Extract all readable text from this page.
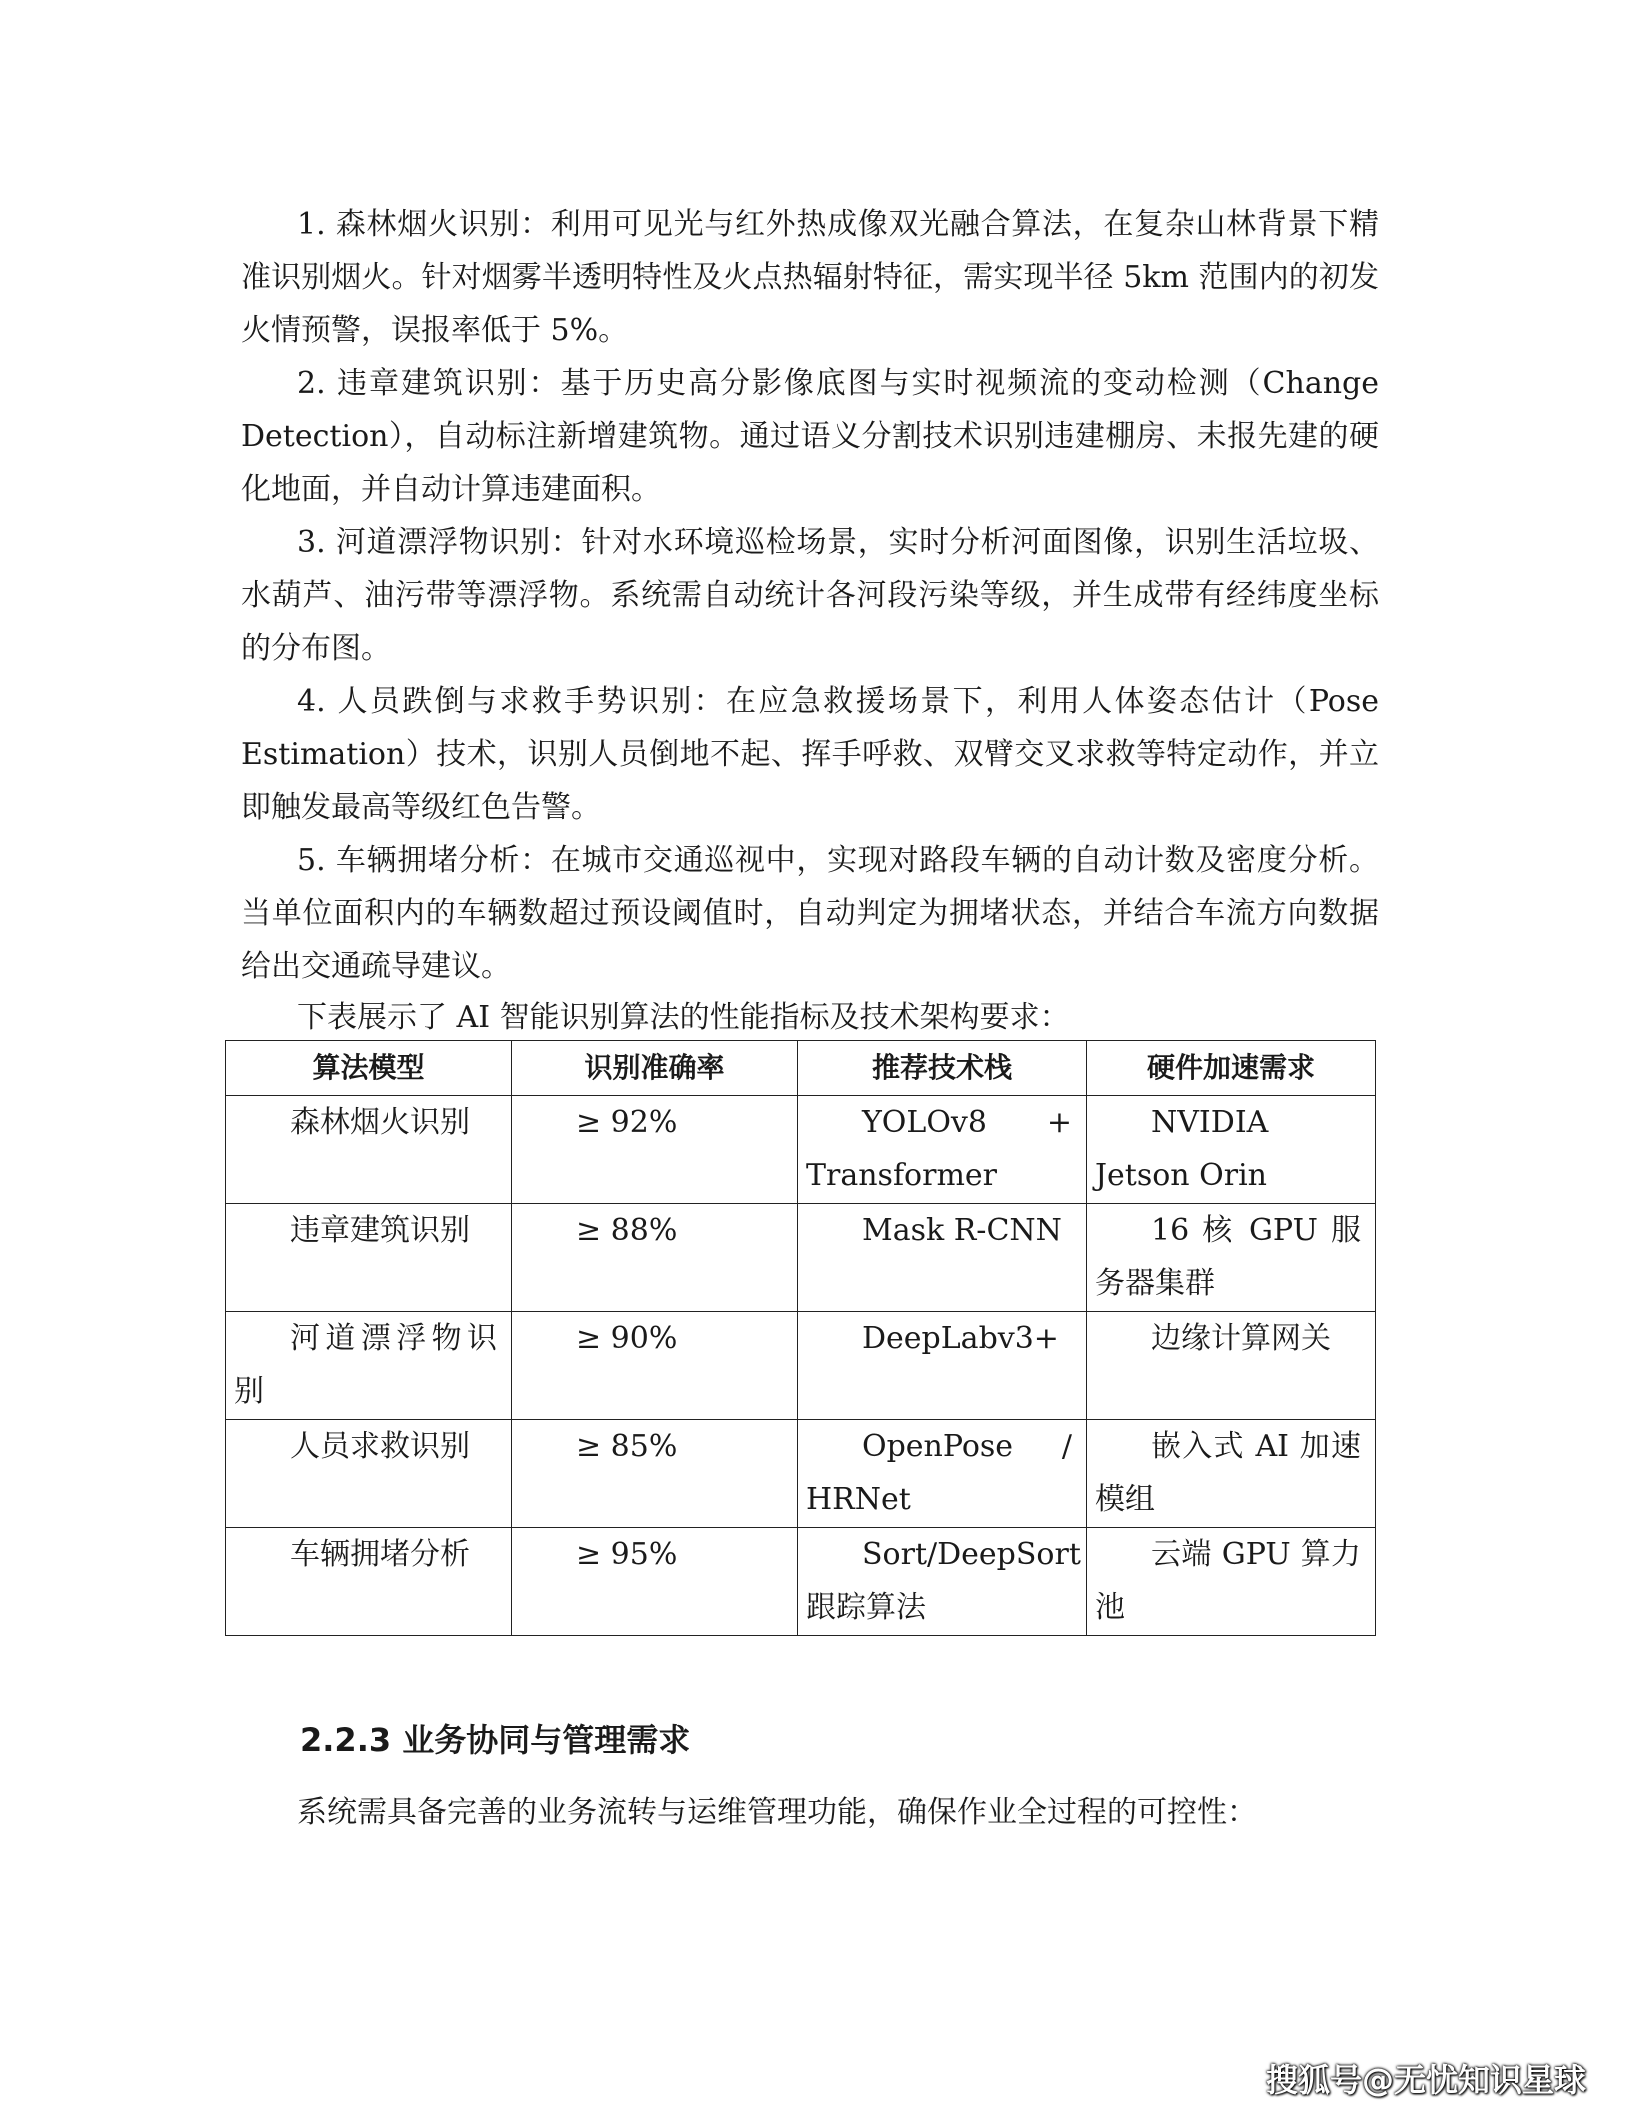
1. 森林烟火识别：利用可见光与红外热成像双光融合算法，在复杂山林背景下精准识别烟火。针对烟雾半透明特性及火点热辐射特征，需实现半径 5km 范围内的初发火情预警，误报率低于 5%。

2. 违章建筑识别：基于历史高分影像底图与实时视频流的变动检测（Change Detection），自动标注新增建筑物。通过语义分割技术识别违建棚房、未报先建的硬化地面，并自动计算违建面积。

3. 河道漂浮物识别：针对水环境巡检场景，实时分析河面图像，识别生活垃圾、水葫芦、油污带等漂浮物。系统需自动统计各河段污染等级，并生成带有经纬度坐标的分布图。

4. 人员跌倒与求救手势识别：在应急救援场景下，利用人体姿态估计（Pose Estimation）技术，识别人员倒地不起、挥手呼救、双臂交叉求救等特定动作，并立即触发最高等级红色告警。

5. 车辆拥堵分析：在城市交通巡视中，实现对路段车辆的自动计数及密度分析。当单位面积内的车辆数超过预设阈值时，自动判定为拥堵状态，并结合车流方向数据给出交通疏导建议。

下表展示了 AI 智能识别算法的性能指标及技术架构要求：

算法模型	识别准确率	推荐技术栈	硬件加速需求
森林烟火识别	≥ 92%	YOLOv8 + Transformer	NVIDIA Jetson Orin
违章建筑识别	≥ 88%	Mask R-CNN	16 核 GPU 服务器集群
河道漂浮物识别	≥ 90%	DeepLabv3+	边缘计算网关
人员求救识别	≥ 85%	OpenPose / HRNet	嵌入式 AI 加速模组
车辆拥堵分析	≥ 95%	Sort/DeepSort 跟踪算法	云端 GPU 算力池
2.2.3 业务协同与管理需求

系统需具备完善的业务流转与运维管理功能，确保作业全过程的可控性：

搜狐号@无忧知识星球
